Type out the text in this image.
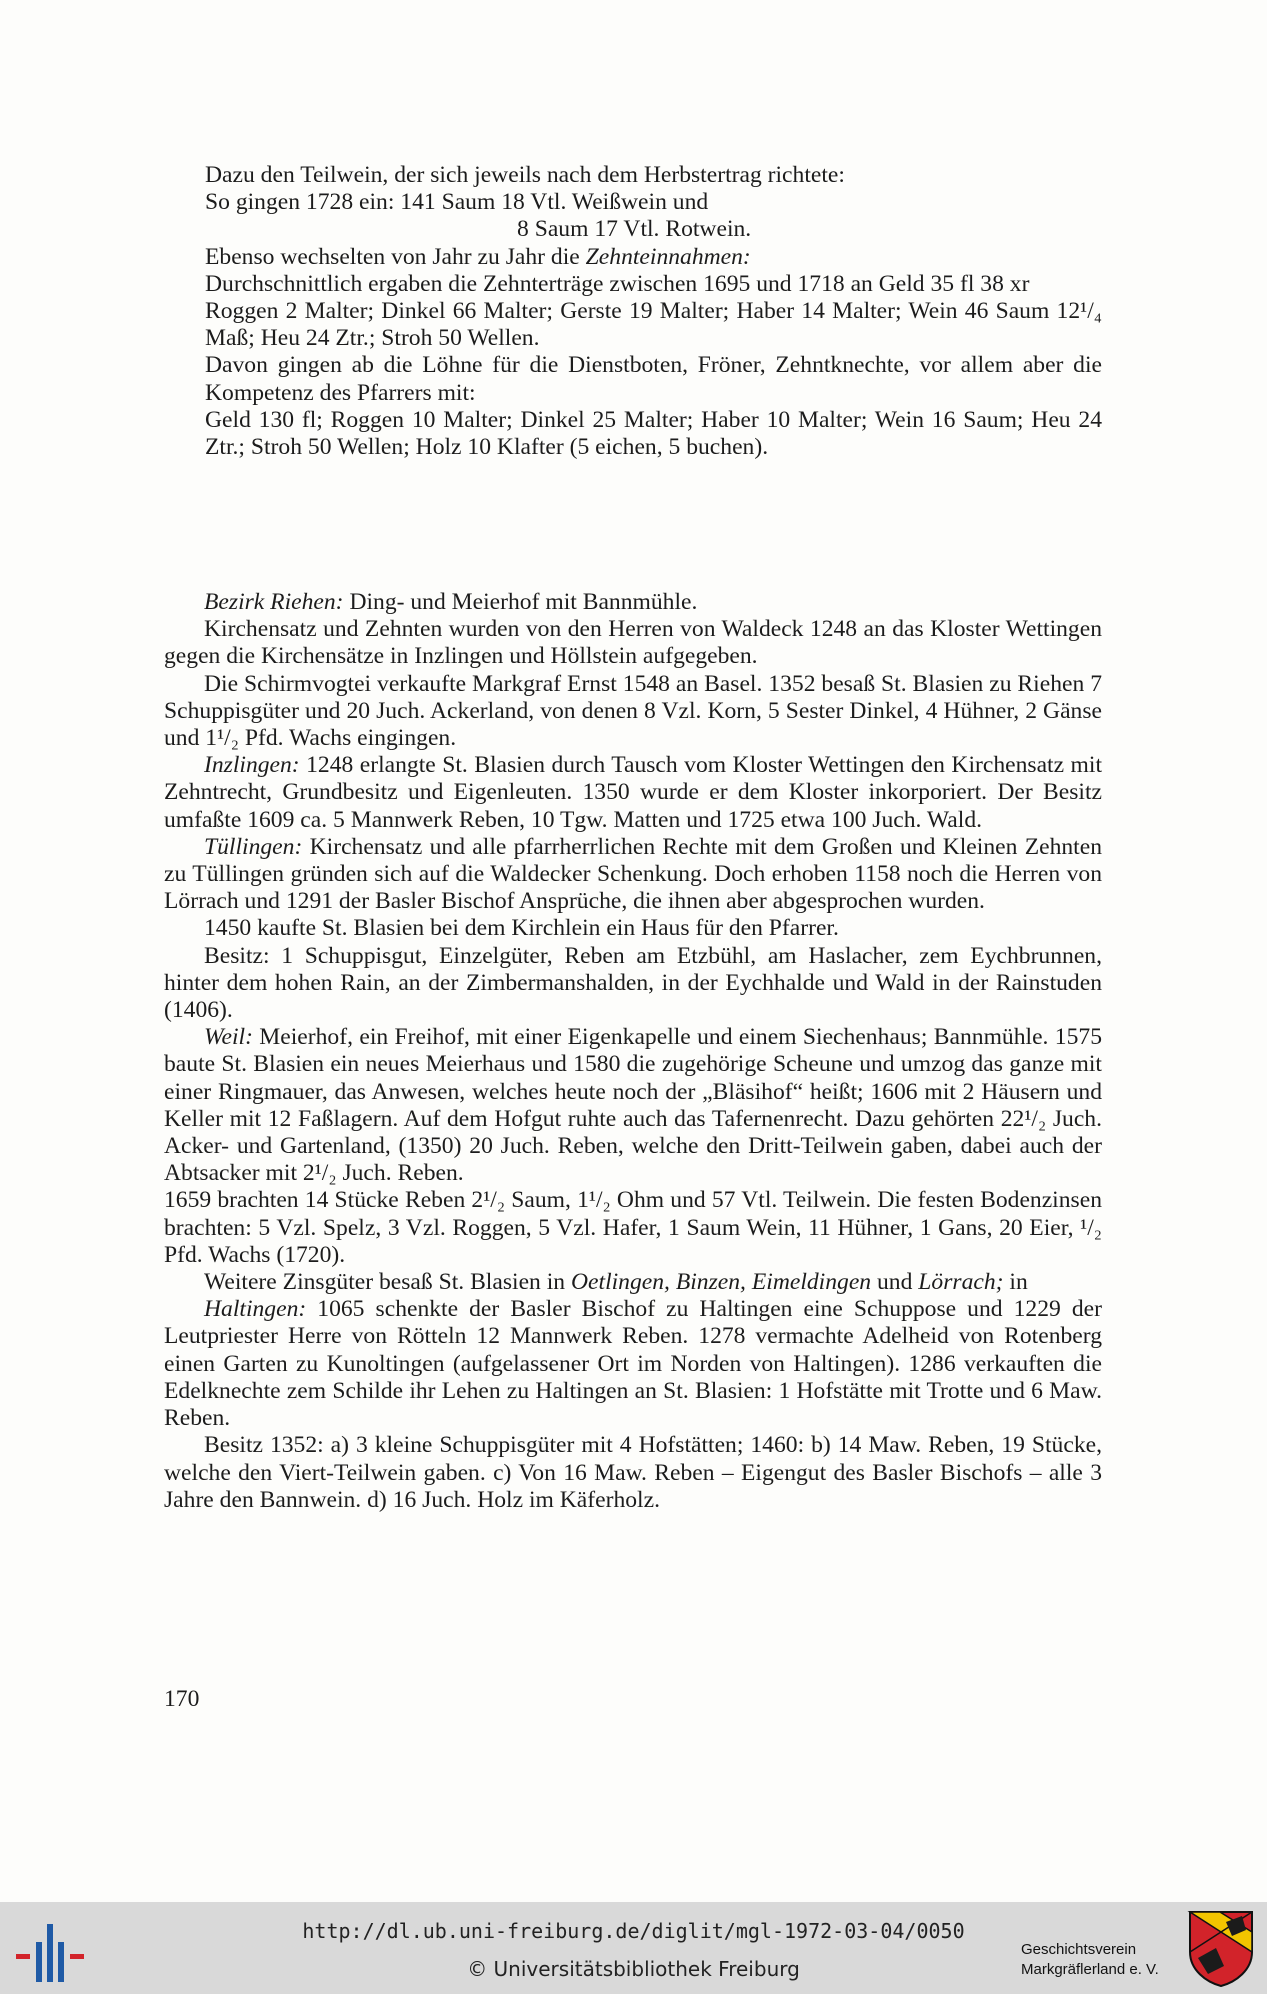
Dazu den Teilwein, der sich jeweils nach dem Herbstertrag richtete:

So gingen 1728 ein: 141 Saum 18 Vtl. Weißwein und

8 Saum 17 Vtl. Rotwein.

Ebenso wechselten von Jahr zu Jahr die Zehnteinnahmen:

Durchschnittlich ergaben die Zehnterträge zwischen 1695 und 1718 an Geld 35 fl 38 xr

Roggen 2 Malter; Dinkel 66 Malter; Gerste 19 Malter; Haber 14 Malter; Wein 46 Saum 12¹/₄ Maß; Heu 24 Ztr.; Stroh 50 Wellen.

Davon gingen ab die Löhne für die Dienstboten, Fröner, Zehntknechte, vor allem aber die Kompetenz des Pfarrers mit:

Geld 130 fl; Roggen 10 Malter; Dinkel 25 Malter; Haber 10 Malter; Wein 16 Saum; Heu 24 Ztr.; Stroh 50 Wellen; Holz 10 Klafter (5 eichen, 5 buchen).

Bezirk Riehen: Ding- und Meierhof mit Bannmühle.

Kirchensatz und Zehnten wurden von den Herren von Waldeck 1248 an das Kloster Wettingen gegen die Kirchensätze in Inzlingen und Höllstein aufgegeben.

Die Schirmvogtei verkaufte Markgraf Ernst 1548 an Basel. 1352 besaß St. Blasien zu Riehen 7 Schuppisgüter und 20 Juch. Ackerland, von denen 8 Vzl. Korn, 5 Sester Dinkel, 4 Hühner, 2 Gänse und 1¹/₂ Pfd. Wachs eingingen.

Inzlingen: 1248 erlangte St. Blasien durch Tausch vom Kloster Wettingen den Kirchensatz mit Zehntrecht, Grundbesitz und Eigenleuten. 1350 wurde er dem Kloster inkorporiert. Der Besitz umfaßte 1609 ca. 5 Mannwerk Reben, 10 Tgw. Matten und 1725 etwa 100 Juch. Wald.

Tüllingen: Kirchensatz und alle pfarrherrlichen Rechte mit dem Großen und Kleinen Zehnten zu Tüllingen gründen sich auf die Waldecker Schenkung. Doch erhoben 1158 noch die Herren von Lörrach und 1291 der Basler Bischof Ansprüche, die ihnen aber abgesprochen wurden.

1450 kaufte St. Blasien bei dem Kirchlein ein Haus für den Pfarrer.

Besitz: 1 Schuppisgut, Einzelgüter, Reben am Etzbühl, am Haslacher, zem Eychbrunnen, hinter dem hohen Rain, an der Zimbermanshalden, in der Eychhalde und Wald in der Rainstuden (1406).

Weil: Meierhof, ein Freihof, mit einer Eigenkapelle und einem Siechenhaus; Bannmühle. 1575 baute St. Blasien ein neues Meierhaus und 1580 die zugehörige Scheune und umzog das ganze mit einer Ringmauer, das Anwesen, welches heute noch der „Bläsihof“ heißt; 1606 mit 2 Häusern und Keller mit 12 Faßlagern. Auf dem Hofgut ruhte auch das Tafernenrecht. Dazu gehörten 22¹/₂ Juch. Acker- und Gartenland, (1350) 20 Juch. Reben, welche den Dritt-Teilwein gaben, dabei auch der Abtsacker mit 2¹/₂ Juch. Reben.

1659 brachten 14 Stücke Reben 2¹/₂ Saum, 1¹/₂ Ohm und 57 Vtl. Teilwein. Die festen Bodenzinsen brachten: 5 Vzl. Spelz, 3 Vzl. Roggen, 5 Vzl. Hafer, 1 Saum Wein, 11 Hühner, 1 Gans, 20 Eier, ¹/₂ Pfd. Wachs (1720).

Weitere Zinsgüter besaß St. Blasien in Oetlingen, Binzen, Eimeldingen und Lörrach; in

Haltingen: 1065 schenkte der Basler Bischof zu Haltingen eine Schuppose und 1229 der Leutpriester Herre von Rötteln 12 Mannwerk Reben. 1278 vermachte Adelheid von Rotenberg einen Garten zu Kunoltingen (aufgelassener Ort im Norden von Haltingen). 1286 verkauften die Edelknechte zem Schilde ihr Lehen zu Haltingen an St. Blasien: 1 Hofstätte mit Trotte und 6 Maw. Reben.

Besitz 1352: a) 3 kleine Schuppisgüter mit 4 Hofstätten; 1460: b) 14 Maw. Reben, 19 Stücke, welche den Viert-Teilwein gaben. c) Von 16 Maw. Reben – Eigengut des Basler Bischofs – alle 3 Jahre den Bannwein. d) 16 Juch. Holz im Käferholz.

170
http://dl.ub.uni-freiburg.de/diglit/mgl-1972-03-04/0050
© Universitätsbibliothek Freiburg
Geschichtsverein
Markgräflerland e. V.
